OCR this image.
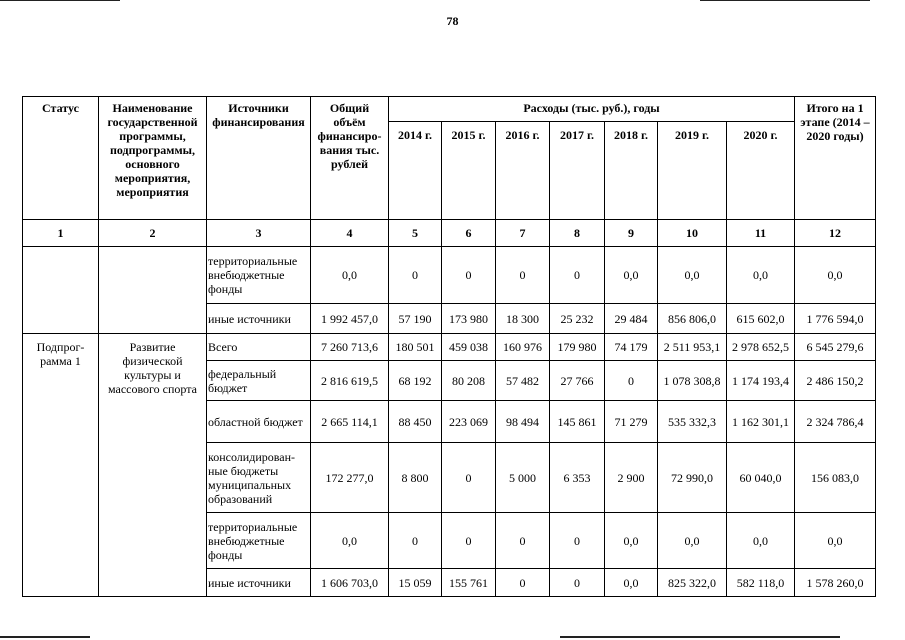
78
Статус	Наименование государственной программы, подпрограммы, основного мероприятия, мероприятия	Источники финансирования	Общий объём финансиро-вания тыс. рублей	Расходы (тыс. руб.), годы							Итого на 1 этапе (2014 – 2020 годы)
				2014 г.	2015 г.	2016 г.	2017 г.	2018 г.	2019 г.	2020 г.	
1	2	3	4	5	6	7	8	9	10	11	12
		территориальные внебюджетные фонды	0,0	0	0	0	0	0,0	0,0	0,0	0,0
		иные источники	1 992 457,0	57 190	173 980	18 300	25 232	29 484	856 806,0	615 602,0	1 776 594,0
Подпрог-рамма 1	Развитие физической культуры и массового спорта	Всего	7 260 713,6	180 501	459 038	160 976	179 980	74 179	2 511 953,1	2 978 652,5	6 545 279,6
		федеральный бюджет	2 816 619,5	68 192	80 208	57 482	27 766	0	1 078 308,8	1 174 193,4	2 486 150,2
		областной бюджет	2 665 114,1	88 450	223 069	98 494	145 861	71 279	535 332,3	1 162 301,1	2 324 786,4
		консолидирован-ные бюджеты муниципальных образований	172 277,0	8 800	0	5 000	6 353	2 900	72 990,0	60 040,0	156 083,0
		территориальные внебюджетные фонды	0,0	0	0	0	0	0,0	0,0	0,0	0,0
		иные источники	1 606 703,0	15 059	155 761	0	0	0,0	825 322,0	582 118,0	1 578 260,0
